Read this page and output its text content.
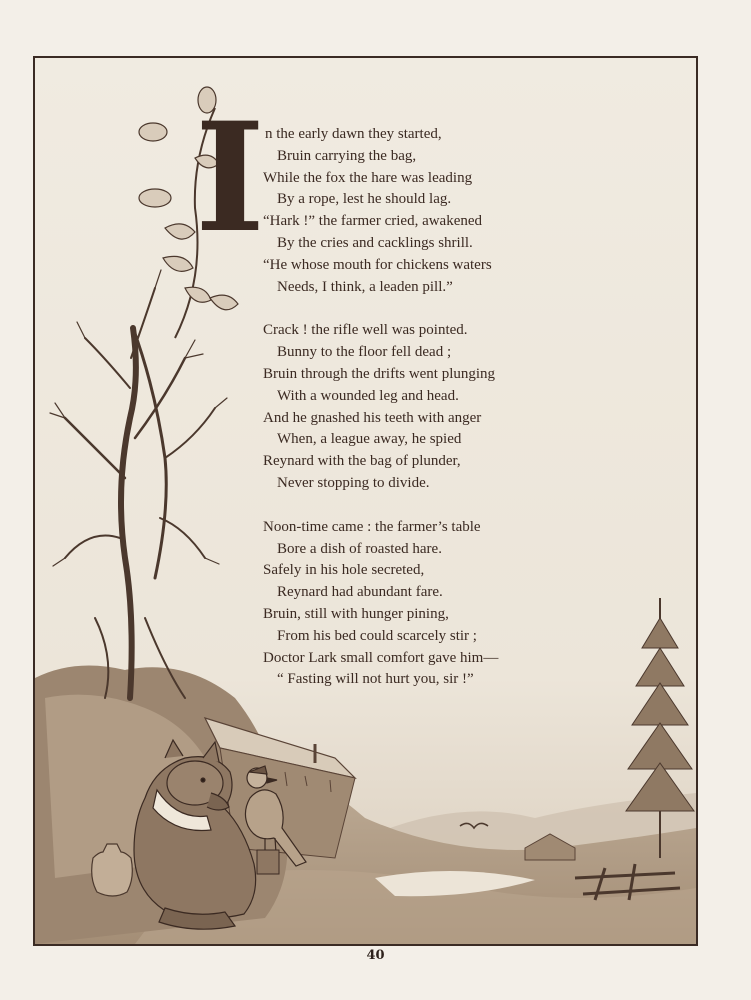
I n the early dawn they started,
Bruin carrying the bag,
While the fox the hare was leading
By a rope, lest he should lag.
“Hark !” the farmer cried, awakened
By the cries and cacklings shrill.
“He whose mouth for chickens waters
Needs, I think, a leaden pill.”
Crack ! the rifle well was pointed.
Bunny to the floor fell dead ;
Bruin through the drifts went plunging
With a wounded leg and head.
And he gnashed his teeth with anger
When, a league away, he spied
Reynard with the bag of plunder,
Never stopping to divide.
Noon-time came : the farmer’s table
Bore a dish of roasted hare.
Safely in his hole secreted,
Reynard had abundant fare.
Bruin, still with hunger pining,
From his bed could scarcely stir ;
Doctor Lark small comfort gave him—
“ Fasting will not hurt you, sir !”
40
